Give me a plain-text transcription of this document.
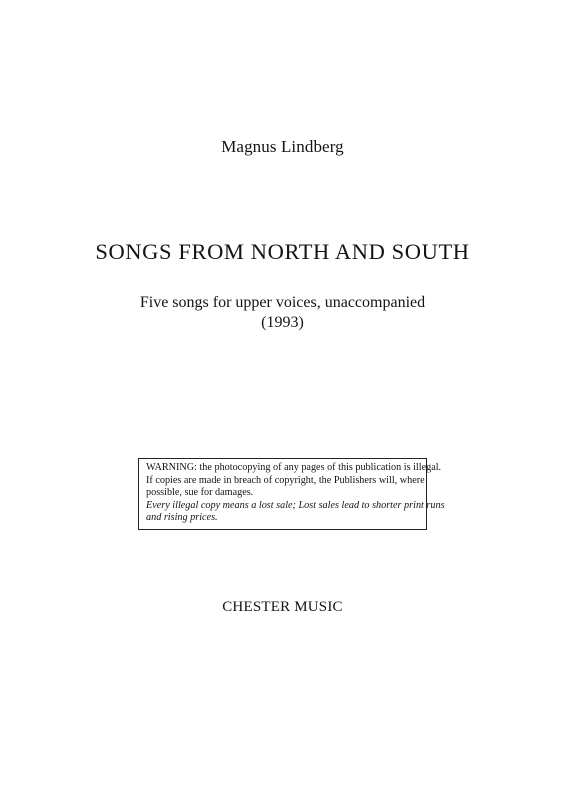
Magnus Lindberg
SONGS FROM NORTH AND SOUTH
Five songs for upper voices, unaccompanied
(1993)
WARNING: the photocopying of any pages of this publication is illegal.
If copies are made in breach of copyright, the Publishers will, where
possible, sue for damages.
Every illegal copy means a lost sale; Lost sales lead to shorter print runs
and rising prices.
CHESTER MUSIC
